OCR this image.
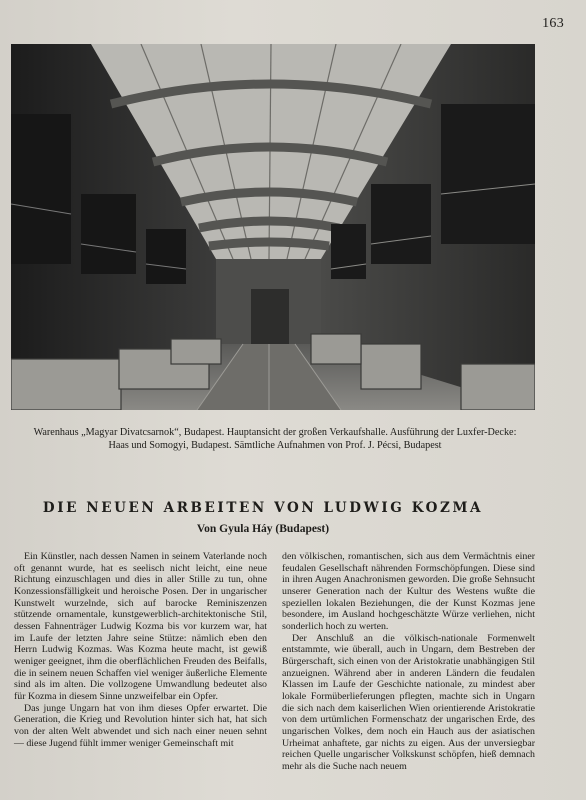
163
Warenhaus „Magyar Divatcsarnok“, Budapest. Hauptansicht der großen Verkaufshalle. Ausführung der Luxfer-Decke:
Haas und Somogyi, Budapest. Sämtliche Aufnahmen von Prof. J. Pécsi, Budapest
DIE NEUEN ARBEITEN VON LUDWIG KOZMA
Von Gyula Háy (Budapest)

Ein Künstler, nach dessen Namen in seinem Vaterlande noch oft genannt wurde, hat es seelisch nicht leicht, eine neue Richtung einzuschlagen und dies in aller Stille zu tun, ohne Konzessionsfälligkeit und heroische Posen. Der in ungarischer Kunstwelt wurzelnde, sich auf barocke Reminiszenzen stützende ornamentale, kunstgewerblich-architektonische Stil, dessen Fahnenträger Ludwig Kozma bis vor kurzem war, hat im Laufe der letzten Jahre seine Stütze: nämlich eben den Herrn Ludwig Kozmas. Was Kozma heute macht, ist gewiß weniger geeignet, ihm die oberflächlichen Freuden des Beifalls, die in seinem neuen Schaffen viel weniger äußerliche Elemente sind als im alten. Die vollzogene Umwandlung bedeutet also für Kozma in diesem Sinne unzweifelbar ein Opfer.

Das junge Ungarn hat von ihm dieses Opfer erwartet. Die Generation, die Krieg und Revolution hinter sich hat, hat sich von der alten Welt abwendet und sich nach einer neuen sehnt — diese Jugend fühlt immer weniger Gemeinschaft mit

den völkischen, romantischen, sich aus dem Vermächtnis einer feudalen Gesellschaft nährenden Formschöpfungen. Diese sind in ihren Augen Anachronismen geworden. Die große Sehnsucht unserer Generation nach der Kultur des Westens wußte die speziellen lokalen Beziehungen, die der Kunst Kozmas jene besondere, im Ausland hochgeschätzte Würze verliehen, nicht sonderlich hoch zu werten.

Der Anschluß an die völkisch-nationale Formenwelt entstammte, wie überall, auch in Ungarn, dem Bestreben der Bürgerschaft, sich einen von der Aristokratie unabhängigen Stil anzueignen. Während aber in anderen Ländern die feudalen Klassen im Laufe der Geschichte nationale, zu mindest aber lokale Formüberlieferungen pflegten, machte sich in Ungarn die sich nach dem kaiserlichen Wien orientierende Aristokratie von dem urtümlichen Formenschatz der ungarischen Erde, des ungarischen Volkes, dem noch ein Hauch aus der asiatischen Urheimat anhaftete, gar nichts zu eigen. Aus der unversiegbar reichen Quelle ungarischer Volkskunst schöpfen, hieß demnach mehr als die Suche nach neuem
